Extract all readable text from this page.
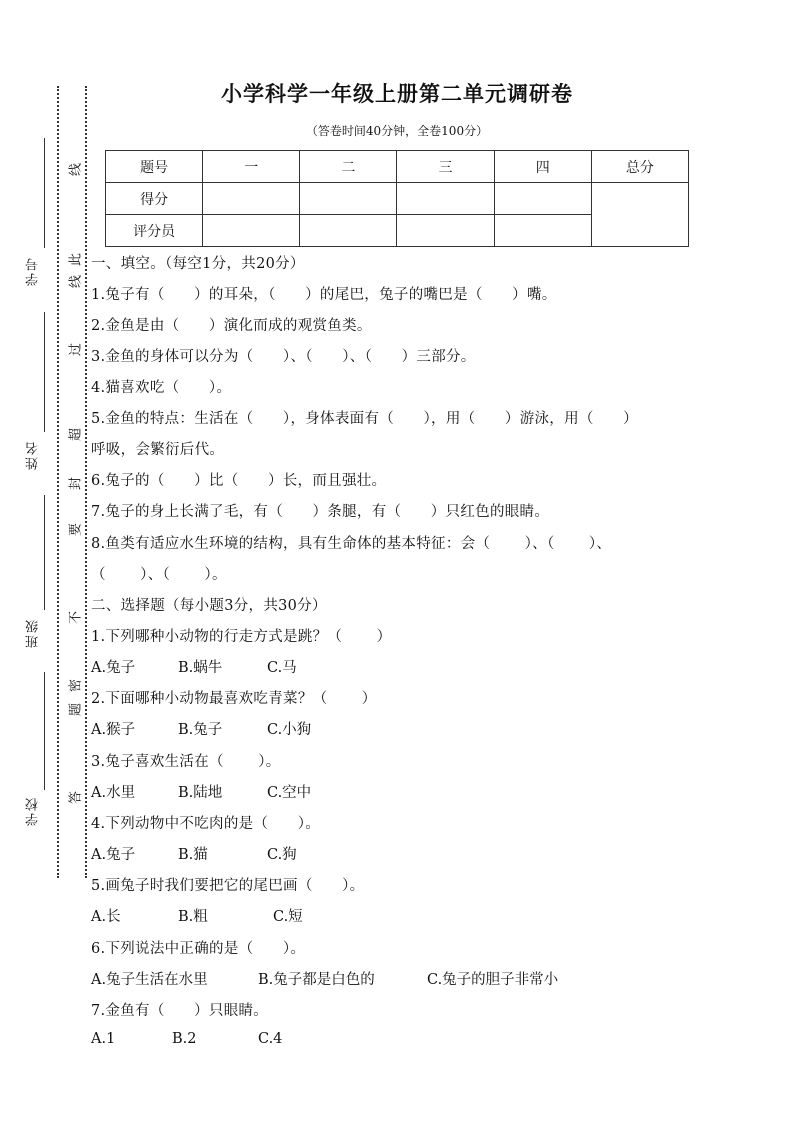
学号
姓名
班级
学校
线
此
线
过
超
封
要
不
密
题
答
小学科学一年级上册第二单元调研卷
（答卷时间40分钟，全卷100分）
题号	一	二	三	四	总分
得分					
评分员					
一、填空。（每空1分，共20分）
1.兔子有（      ）的耳朵，（      ）的尾巴，兔子的嘴巴是（      ）嘴。
2.金鱼是由（      ）演化而成的观赏鱼类。
3.金鱼的身体可以分为（      ）、（      ）、（      ）三部分。
4.猫喜欢吃（      ）。
5.金鱼的特点：生活在（      ），身体表面有（      ），用（      ）游泳，用（      ）
呼吸，会繁衍后代。
6.兔子的（      ）比（      ）长，而且强壮。
7.兔子的身上长满了毛，有（      ）条腿，有（      ）只红色的眼睛。
8.鱼类有适应水生环境的结构，具有生命体的基本特征：会（       ）、（       ）、
（       ）、（       ）。
二、选择题（每小题3分，共30分）
1.下列哪种小动物的行走方式是跳？（       ）
A.兔子	B.蜗牛	C.马
2.下面哪种小动物最喜欢吃青菜？（       ）
A.猴子	B.兔子	C.小狗
3.兔子喜欢生活在（       ）。
A.水里	B.陆地	C.空中
4.下列动物中不吃肉的是（      ）。
A.兔子	B.猫	C.狗
5.画兔子时我们要把它的尾巴画（      ）。
A.长	B.粗	C.短
6.下列说法中正确的是（      ）。
A.兔子生活在水里	B.兔子都是白色的	C.兔子的胆子非常小
7.金鱼有（      ）只眼睛。
A.1	B.2	C.4
